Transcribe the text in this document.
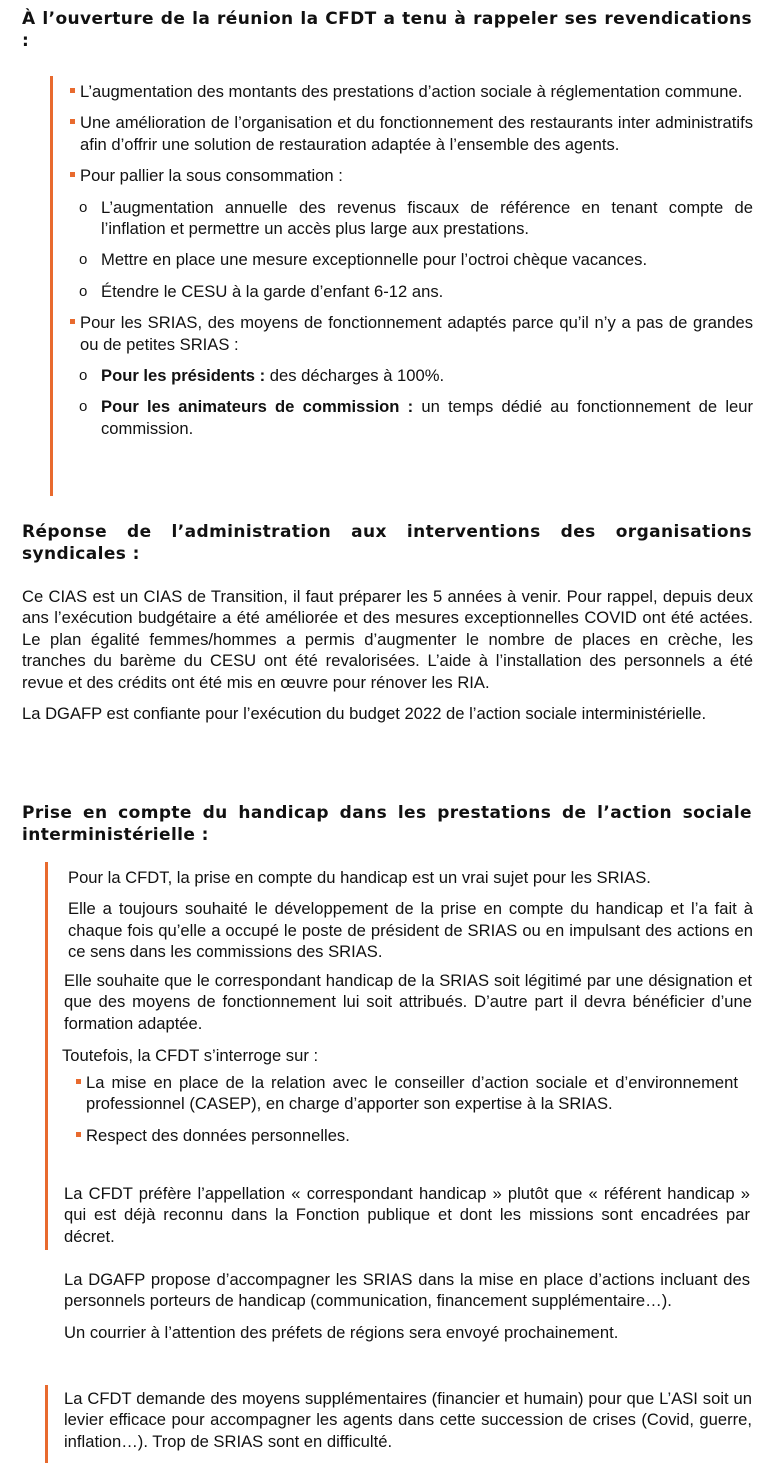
À l’ouverture de la réunion la CFDT a tenu à rappeler ses revendications :

L’augmentation des montants des prestations d’action sociale à réglementation commune.

Une amélioration de l’organisation et du fonctionnement des restaurants inter administratifs afin d’offrir une solution de restauration adaptée à l’ensemble des agents.

Pour pallier la sous consommation :

o L’augmentation annuelle des revenus fiscaux de référence en tenant compte de l’inflation et permettre un accès plus large aux prestations.

o Mettre en place une mesure exceptionnelle pour l’octroi chèque vacances.

o Étendre le CESU à la garde d’enfant 6-12 ans.

Pour les SRIAS, des moyens de fonctionnement adaptés parce qu’il n’y a pas de grandes ou de petites SRIAS :

o Pour les présidents : des décharges à 100%.

o Pour les animateurs de commission : un temps dédié au fonctionnement de leur commission.

Réponse de l’administration aux interventions des organisations syndicales :

Ce CIAS est un CIAS de Transition, il faut préparer les 5 années à venir. Pour rappel, depuis deux ans l’exécution budgétaire a été améliorée et des mesures exceptionnelles COVID ont été actées. Le plan égalité femmes/hommes a permis d’augmenter le nombre de places en crèche, les tranches du barème du CESU ont été revalorisées. L’aide à l’installation des personnels a été revue et des crédits ont été mis en œuvre pour rénover les RIA.

La DGAFP est confiante pour l’exécution du budget 2022 de l’action sociale interministérielle.

Prise en compte du handicap dans les prestations de l’action sociale interministérielle :

Pour la CFDT, la prise en compte du handicap est un vrai sujet pour les SRIAS.

Elle a toujours souhaité le développement de la prise en compte du handicap et l’a fait à chaque fois qu’elle a occupé le poste de président de SRIAS ou en impulsant des actions en ce sens dans les commissions des SRIAS.

Elle souhaite que le correspondant handicap de la SRIAS soit légitimé par une désignation et que des moyens de fonctionnement lui soit attribués. D’autre part il devra bénéficier d’une formation adaptée.

Toutefois, la CFDT s’interroge sur :

La mise en place de la relation avec le conseiller d’action sociale et d’environnement professionnel (CASEP), en charge d’apporter son expertise à la SRIAS.

Respect des données personnelles.

La CFDT préfère l’appellation « correspondant handicap » plutôt que « référent handicap » qui est déjà reconnu dans la Fonction publique et dont les missions sont encadrées par décret.

La DGAFP propose d’accompagner les SRIAS dans la mise en place d’actions incluant des personnels porteurs de handicap (communication, financement supplémentaire…).

Un courrier à l’attention des préfets de régions sera envoyé prochainement.

La CFDT demande des moyens supplémentaires (financier et humain) pour que L’ASI soit un levier efficace pour accompagner les agents dans cette succession de crises (Covid, guerre, inflation…). Trop de SRIAS sont en difficulté.
